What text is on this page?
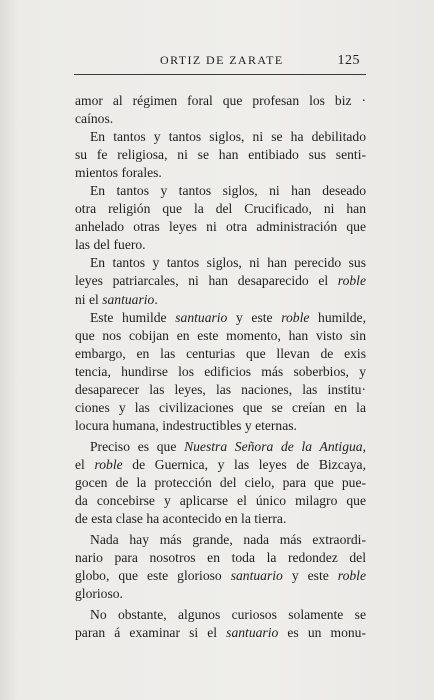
ORTIZ DE ZARATE	125
amor al régimen foral que profesan los biz ·
caínos.
En tantos y tantos siglos, ni se ha debilitado
su fe religiosa, ni se han entibiado sus senti-
mientos forales.
En tantos y tantos siglos, ni han deseado
otra religión que la del Crucificado, ni han
anhelado otras leyes ni otra administración que
las del fuero.
En tantos y tantos siglos, ni han perecido sus
leyes patriarcales, ni han desaparecido el roble
ni el santuario.
Este humilde santuario y este roble humilde,
que nos cobijan en este momento, han visto sin
embargo, en las centurias que llevan de exis
tencia, hundirse los edificios más soberbios, y
desaparecer las leyes, las naciones, las institu·
ciones y las civilizaciones que se creían en la
locura humana, indestructibles y eternas.
Preciso es que Nuestra Señora de la Antigua,
el roble de Guernica, y las leyes de Bizcaya,
gocen de la protección del cielo, para que pue-
da concebirse y aplicarse el único milagro que
de esta clase ha acontecido en la tierra.
Nada hay más grande, nada más extraordi-
nario para nosotros en toda la redondez del
globo, que este glorioso santuario y este roble
glorioso.
No obstante, algunos curiosos solamente se
paran á examinar si el santuario es un monu-
